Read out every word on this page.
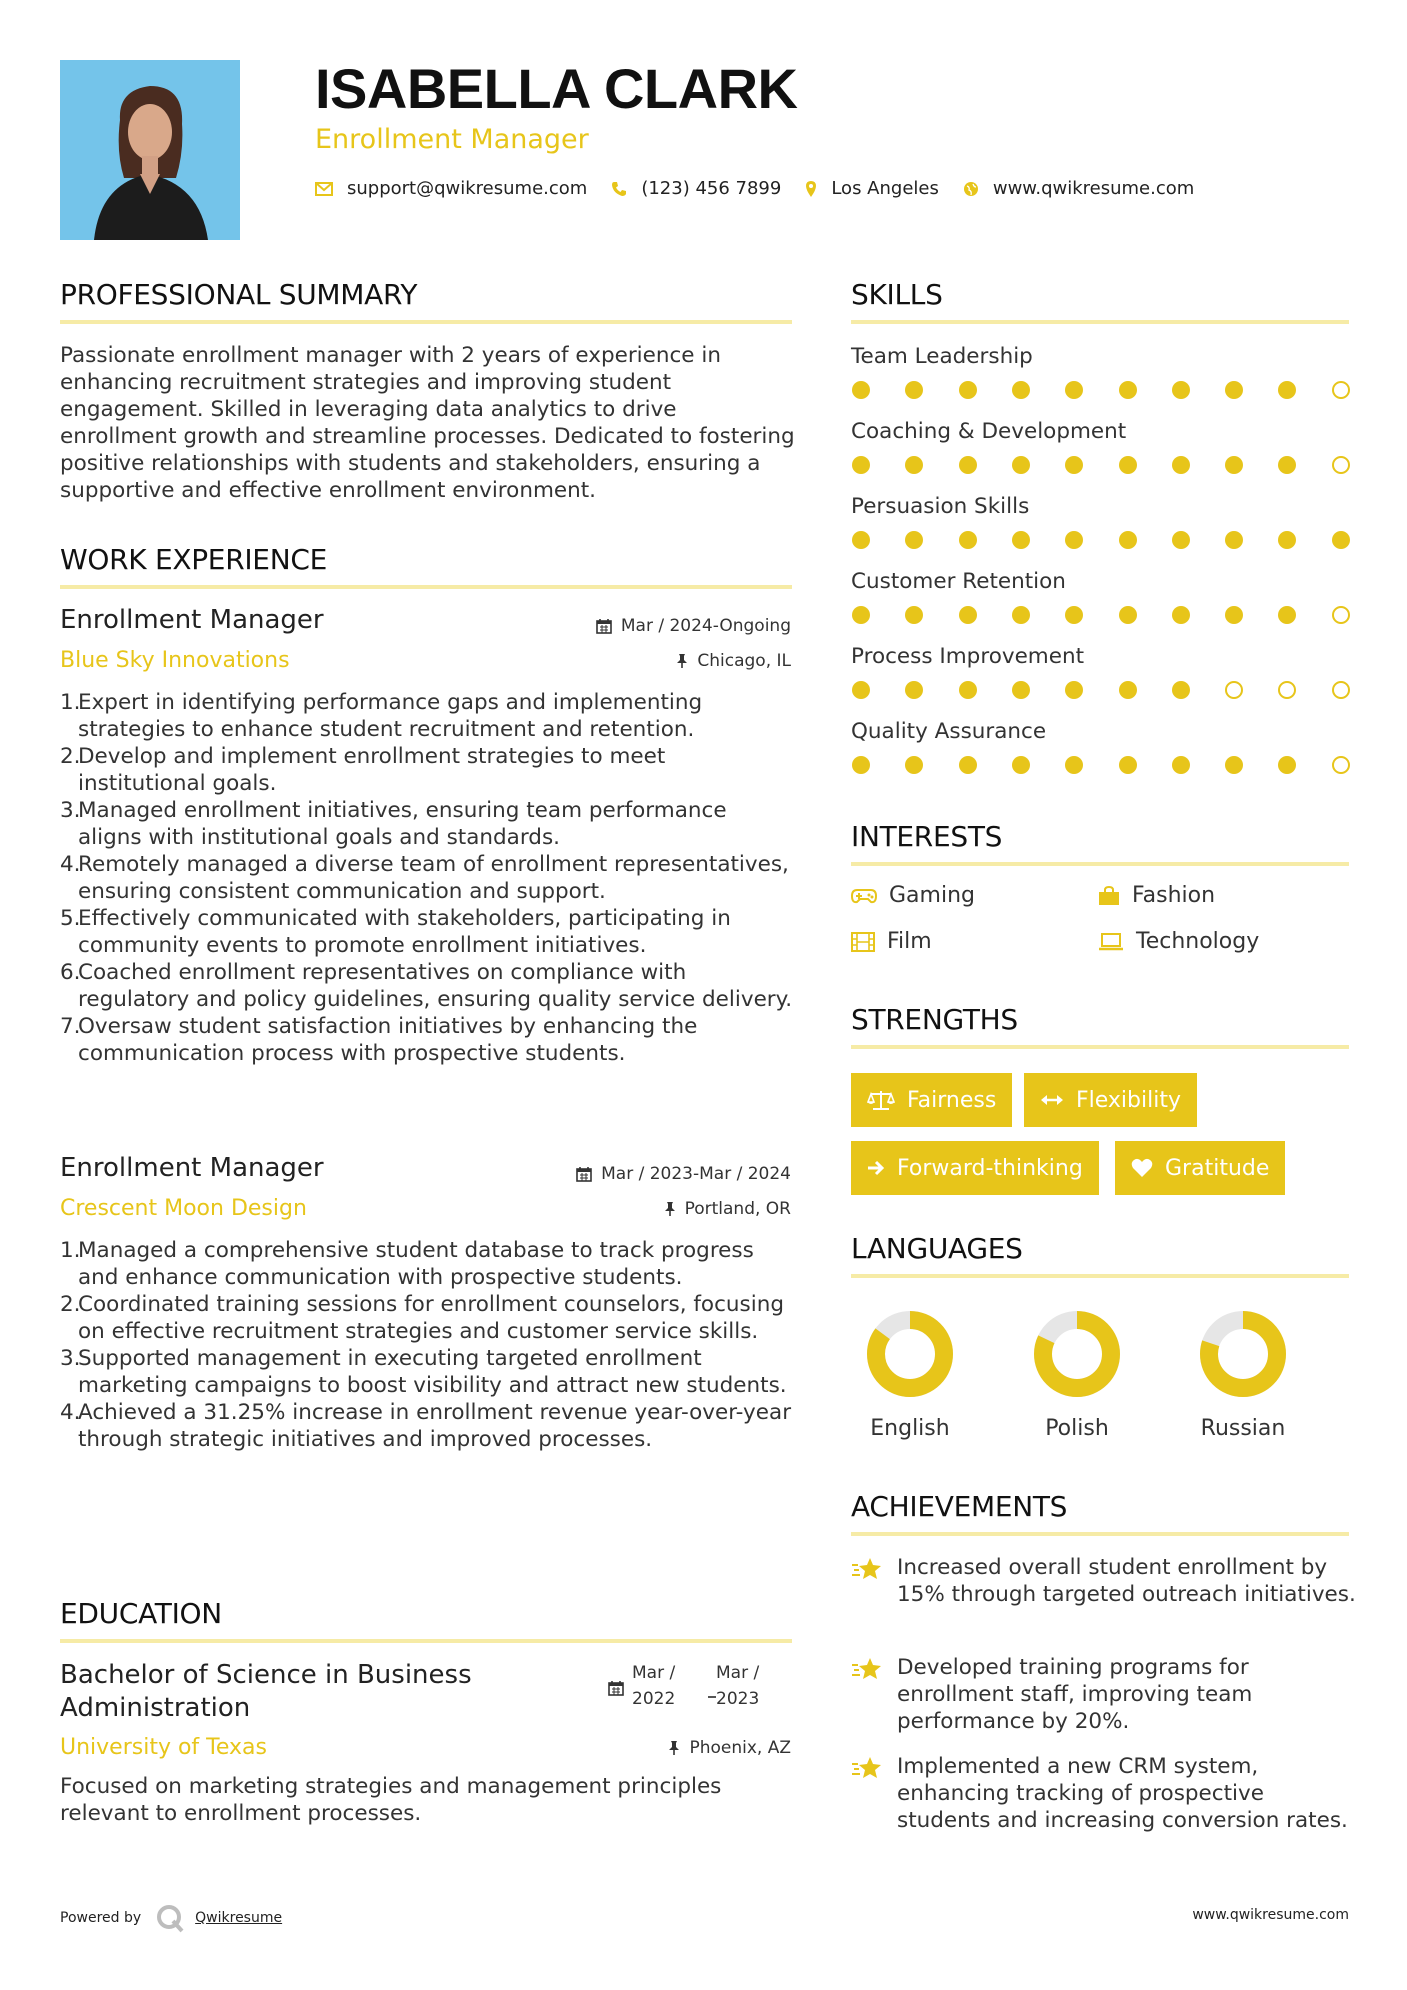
ISABELLA CLARK
Enrollment Manager
support@qwikresume.com	(123) 456 7899	Los Angeles	www.qwikresume.com
PROFESSIONAL SUMMARY
Passionate enrollment manager with 2 years of experience in enhancing recruitment strategies and improving student engagement. Skilled in leveraging data analytics to drive enrollment growth and streamline processes. Dedicated to fostering positive relationships with students and stakeholders, ensuring a supportive and effective enrollment environment.
WORK EXPERIENCE
Enrollment Manager	Mar / 2024-Ongoing
Blue Sky Innovations	Chicago, IL
1.
Expert in identifying performance gaps and implementing strategies to enhance student recruitment and retention.
2.
Develop and implement enrollment strategies to meet institutional goals.
3.
Managed enrollment initiatives, ensuring team performance aligns with institutional goals and standards.
4.
Remotely managed a diverse team of enrollment representatives, ensuring consistent communication and support.
5.
Effectively communicated with stakeholders, participating in community events to promote enrollment initiatives.
6.
Coached enrollment representatives on compliance with regulatory and policy guidelines, ensuring quality service delivery.
7.
Oversaw student satisfaction initiatives by enhancing the communication process with prospective students.
Enrollment Manager	Mar / 2023-Mar / 2024
Crescent Moon Design	Portland, OR
1.
Managed a comprehensive student database to track progress and enhance communication with prospective students.
2.
Coordinated training sessions for enrollment counselors, focusing on effective recruitment strategies and customer service skills.
3.
Supported management in executing targeted enrollment marketing campaigns to boost visibility and attract new students.
4.
Achieved a 31.25% increase in enrollment revenue year-over-year through strategic initiatives and improved processes.
EDUCATION
Bachelor of Science in Business Administration
Mar /
2022
Mar /
2023
University of Texas	Phoenix, AZ
Focused on marketing strategies and management principles relevant to enrollment processes.
SKILLS
Team Leadership
Coaching & Development
Persuasion Skills
Customer Retention
Process Improvement
Quality Assurance
INTERESTS
Gaming	Fashion
Film	Technology
STRENGTHS
Fairness	Flexibility
Forward-thinking	Gratitude
LANGUAGES
English	Polish	Russian
ACHIEVEMENTS
Increased overall student enrollment by 15% through targeted outreach initiatives.
Developed training programs for enrollment staff, improving team performance by 20%.
Implemented a new CRM system, enhancing tracking of prospective students and increasing conversion rates.
Powered by	Qwikresume	www.qwikresume.com
